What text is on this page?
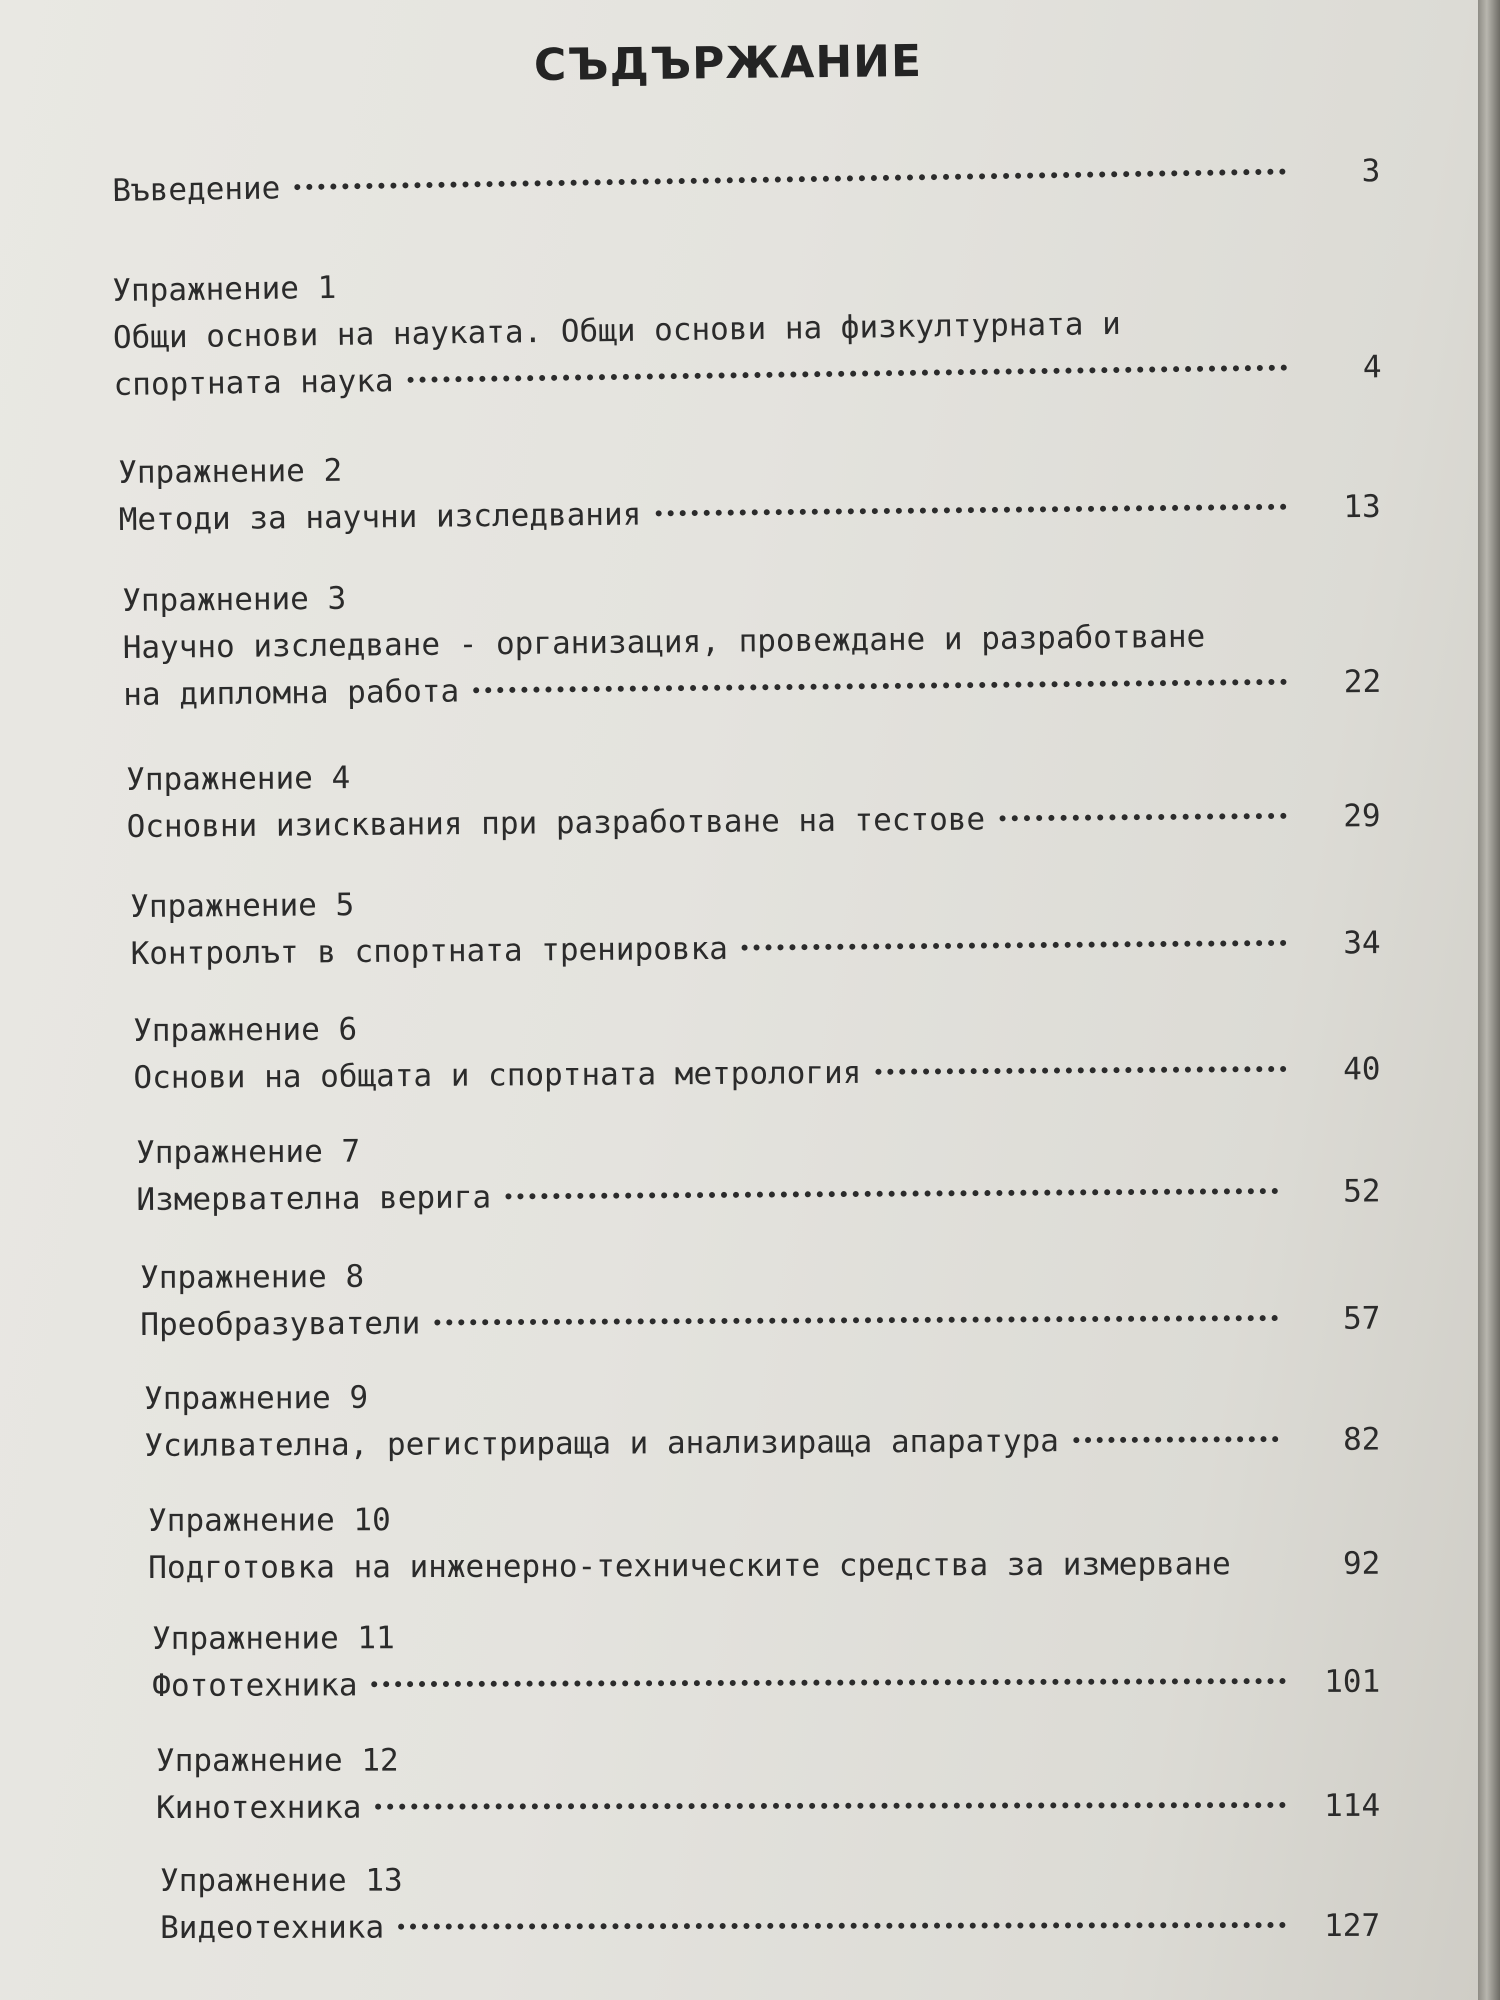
СЪДЪРЖАНИЕ
Въведение	3
Упражнение 1
Общи основи на науката. Общи основи на физкултурната и
спортната наука	4
Упражнение 2
Методи за научни изследвания	13
Упражнение 3
Научно изследване - организация, провеждане и разработване
на дипломна работа	22
Упражнение 4
Основни изисквания при разработване на тестове	29
Упражнение 5
Контролът в спортната тренировка	34
Упражнение 6
Основи на общата и спортната метрология	40
Упражнение 7
Измервателна верига	52
Упражнение 8
Преобразуватели	57
Упражнение 9
Усилвателна, регистрираща и анализираща апаратура	82
Упражнение 10
Подготовка на инженерно-техническите средства за измерване	92
Упражнение 11
Фототехника	101
Упражнение 12
Кинотехника	114
Упражнение 13
Видеотехника	127
